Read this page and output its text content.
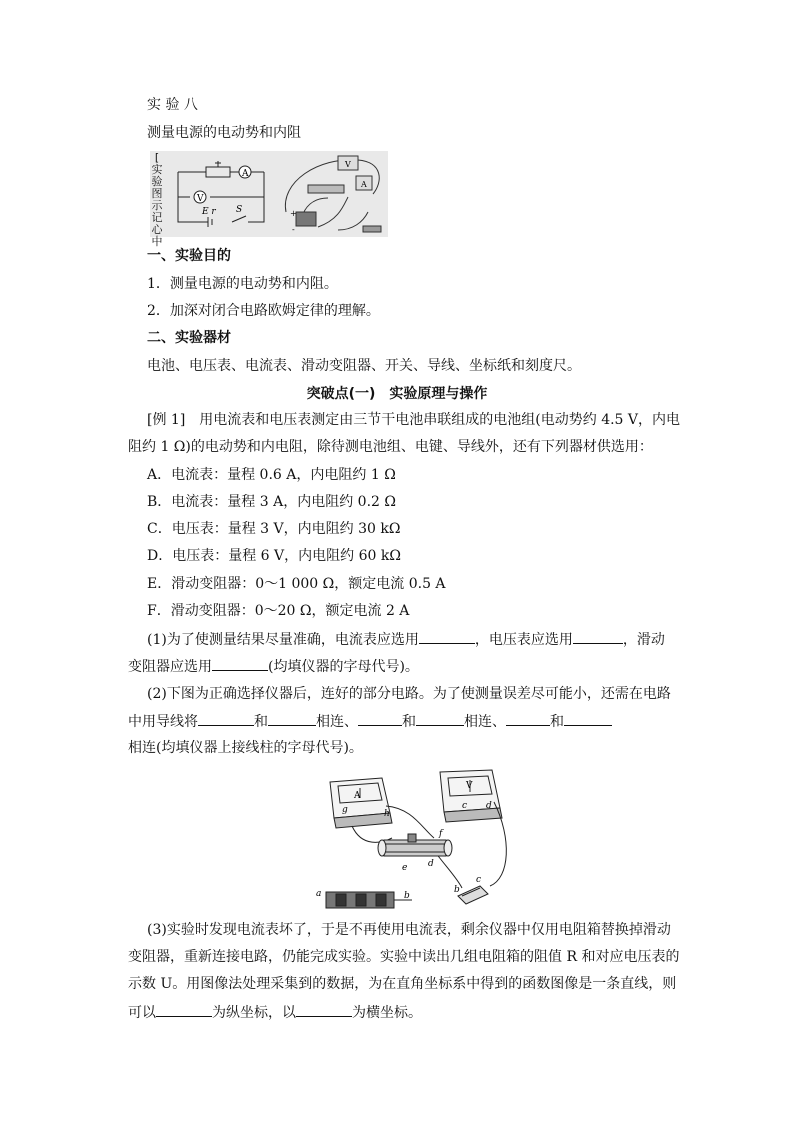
实 验 八
测量电源的电动势和内阻
[
实
验
图
示
记
心
中
A
V
E r S
V
A
+
-
一、实验目的
1．测量电源的电动势和内阻。
2．加深对闭合电路欧姆定律的理解。
二、实验器材
电池、电压表、电流表、滑动变阻器、开关、导线、坐标纸和刻度尺。
突破点(一)　实验原理与操作
[例 1]　用电流表和电压表测定由三节干电池串联组成的电池组(电动势约 4.5 V，内电
阻约 1 Ω)的电动势和内电阻，除待测电池组、电键、导线外，还有下列器材供选用：
A．电流表：量程 0.6 A，内电阻约 1 Ω
B．电流表：量程 3 A，内电阻约 0.2 Ω
C．电压表：量程 3 V，内电阻约 30 kΩ
D．电压表：量程 6 V，内电阻约 60 kΩ
E．滑动变阻器：0～1 000 Ω，额定电流 0.5 A
F．滑动变阻器：0～20 Ω，额定电流 2 A
(1)为了使测量结果尽量准确，电流表应选用	，电压表应选用	，滑动
变阻器应选用	(均填仪器的字母代号)。
(2)下图为正确选择仪器后，连好的部分电路。为了使测量误差尽可能小，还需在电路
中用导线将	和	相连、	和	相连、	和
相连(均填仪器上接线柱的字母代号)。
A
g	h
V
c d
f
e d
a	b
b
c
(3)实验时发现电流表坏了，于是不再使用电流表，剩余仪器中仅用电阻箱替换掉滑动
变阻器，重新连接电路，仍能完成实验。实验中读出几组电阻箱的阻值 R 和对应电压表的
示数 U。用图像法处理采集到的数据，为在直角坐标系中得到的函数图像是一条直线，则
可以	为纵坐标，以	为横坐标。
